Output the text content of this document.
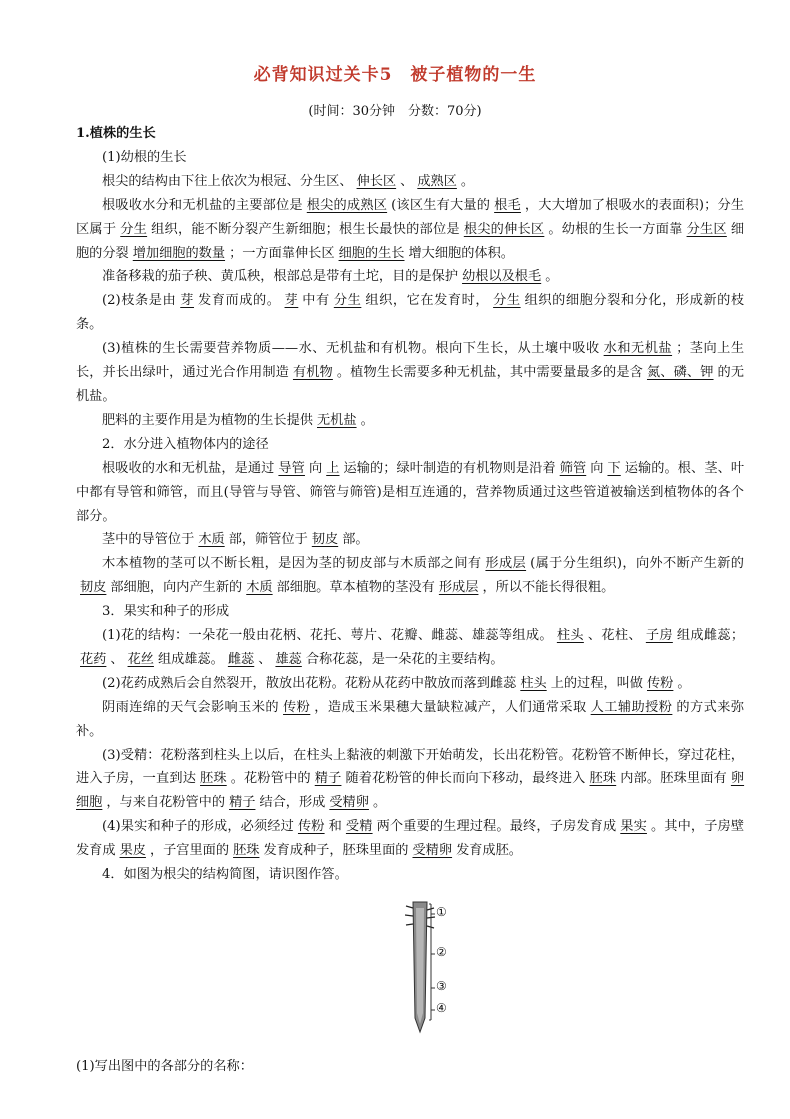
必背知识过关卡5　被子植物的一生
(时间：30分钟　分数：70分)

1.植株的生长

(1)幼根的生长

根尖的结构由下往上依次为根冠、分生区、 伸长区 、 成熟区 。

根吸收水分和无机盐的主要部位是 根尖的成熟区 (该区生有大量的 根毛 ，大大增加了根吸水的表面积)；分生区属于 分生 组织，能不断分裂产生新细胞；根生长最快的部位是 根尖的伸长区 。幼根的生长一方面靠 分生区 细胞的分裂 增加细胞的数量 ；一方面靠伸长区 细胞的生长 增大细胞的体积。

准备移栽的茄子秧、黄瓜秧，根部总是带有土坨，目的是保护 幼根以及根毛 。

(2)枝条是由 芽 发育而成的。 芽 中有 分生 组织，它在发育时， 分生 组织的细胞分裂和分化，形成新的枝条。

(3)植株的生长需要营养物质——水、无机盐和有机物。根向下生长，从土壤中吸收 水和无机盐 ；茎向上生长，并长出绿叶，通过光合作用制造 有机物 。植物生长需要多种无机盐，其中需要量最多的是含 氮、磷、钾 的无机盐。

肥料的主要作用是为植物的生长提供 无机盐 。

2．水分进入植物体内的途径

根吸收的水和无机盐，是通过 导管 向 上 运输的；绿叶制造的有机物则是沿着 筛管 向 下 运输的。根、茎、叶中都有导管和筛管，而且(导管与导管、筛管与筛管)是相互连通的，营养物质通过这些管道被输送到植物体的各个部分。

茎中的导管位于 木质 部，筛管位于 韧皮 部。

木本植物的茎可以不断长粗，是因为茎的韧皮部与木质部之间有 形成层 (属于分生组织)，向外不断产生新的韧皮 部细胞，向内产生新的 木质 部细胞。草本植物的茎没有 形成层 ，所以不能长得很粗。

3．果实和种子的形成

(1)花的结构：一朵花一般由花柄、花托、萼片、花瓣、雌蕊、雄蕊等组成。 柱头 、花柱、 子房 组成雌蕊；花药 、 花丝 组成雄蕊。 雌蕊 、 雄蕊 合称花蕊，是一朵花的主要结构。

(2)花药成熟后会自然裂开，散放出花粉。花粉从花药中散放而落到雌蕊 柱头 上的过程，叫做 传粉 。

阴雨连绵的天气会影响玉米的 传粉 ，造成玉米果穗大量缺粒减产，人们通常采取 人工辅助授粉 的方式来弥补。

(3)受精：花粉落到柱头上以后，在柱头上黏液的刺激下开始萌发，长出花粉管。花粉管不断伸长，穿过花柱，进入子房，一直到达 胚珠 。花粉管中的 精子 随着花粉管的伸长而向下移动，最终进入 胚珠 内部。胚珠里面有 卵细胞 ，与来自花粉管中的 精子 结合，形成 受精卵 。

(4)果实和种子的形成，必须经过 传粉 和 受精 两个重要的生理过程。最终，子房发育成 果实 。其中，子房壁发育成 果皮 ，子宫里面的 胚珠 发育成种子，胚珠里面的 受精卵 发育成胚。

4．如图为根尖的结构简图，请识图作答。

①
②
③
④
(1)写出图中的各部分的名称：
